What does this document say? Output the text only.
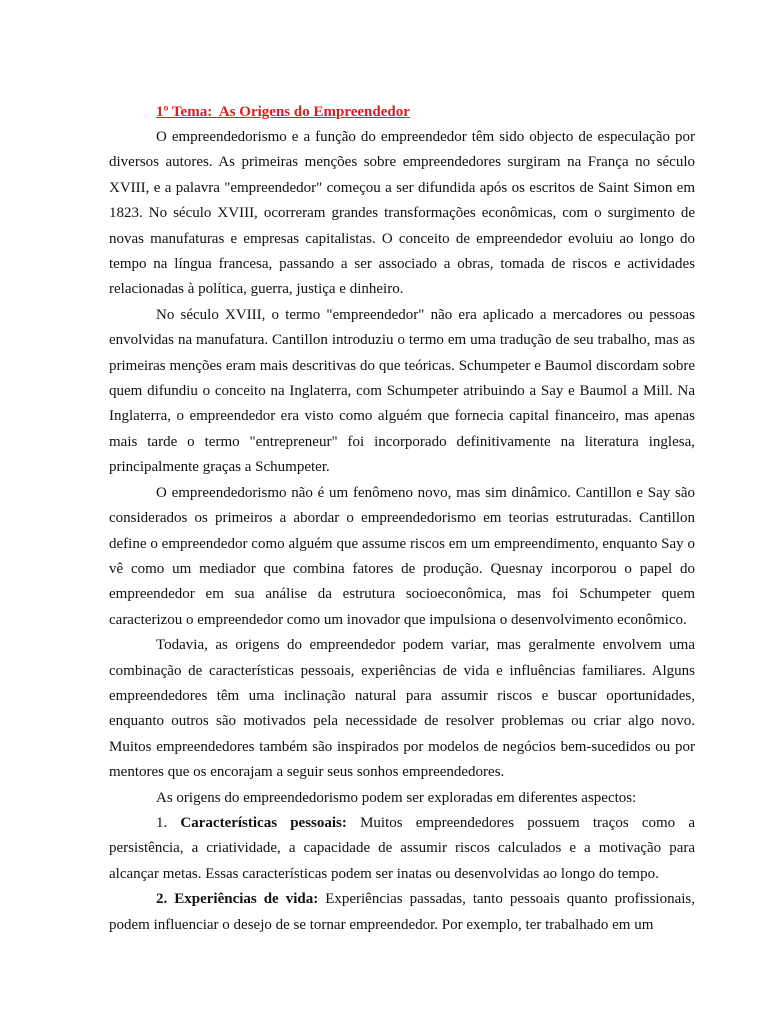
1º Tema:  As Origens do Empreendedor

O empreendedorismo e a função do empreendedor têm sido objecto de especulação por diversos autores. As primeiras menções sobre empreendedores surgiram na França no século XVIII, e a palavra "empreendedor" começou a ser difundida após os escritos de Saint Simon em 1823. No século XVIII, ocorreram grandes transformações econômicas, com o surgimento de novas manufaturas e empresas capitalistas. O conceito de empreendedor evoluiu ao longo do tempo na língua francesa, passando a ser associado a obras, tomada de riscos e actividades relacionadas à política, guerra, justiça e dinheiro.

No século XVIII, o termo "empreendedor" não era aplicado a mercadores ou pessoas envolvidas na manufatura. Cantillon introduziu o termo em uma tradução de seu trabalho, mas as primeiras menções eram mais descritivas do que teóricas. Schumpeter e Baumol discordam sobre quem difundiu o conceito na Inglaterra, com Schumpeter atribuindo a Say e Baumol a Mill. Na Inglaterra, o empreendedor era visto como alguém que fornecia capital financeiro, mas apenas mais tarde o termo "entrepreneur" foi incorporado definitivamente na literatura inglesa, principalmente graças a Schumpeter.

O empreendedorismo não é um fenômeno novo, mas sim dinâmico. Cantillon e Say são considerados os primeiros a abordar o empreendedorismo em teorias estruturadas. Cantillon define o empreendedor como alguém que assume riscos em um empreendimento, enquanto Say o vê como um mediador que combina fatores de produção. Quesnay incorporou o papel do empreendedor em sua análise da estrutura socioeconômica, mas foi Schumpeter quem caracterizou o empreendedor como um inovador que impulsiona o desenvolvimento econômico.

Todavia, as origens do empreendedor podem variar, mas geralmente envolvem uma combinação de características pessoais, experiências de vida e influências familiares. Alguns empreendedores têm uma inclinação natural para assumir riscos e buscar oportunidades, enquanto outros são motivados pela necessidade de resolver problemas ou criar algo novo. Muitos empreendedores também são inspirados por modelos de negócios bem-sucedidos ou por mentores que os encorajam a seguir seus sonhos empreendedores.

As origens do empreendedorismo podem ser exploradas em diferentes aspectos:

1. Características pessoais: Muitos empreendedores possuem traços como a persistência, a criatividade, a capacidade de assumir riscos calculados e a motivação para alcançar metas. Essas características podem ser inatas ou desenvolvidas ao longo do tempo.

2. Experiências de vida: Experiências passadas, tanto pessoais quanto profissionais, podem influenciar o desejo de se tornar empreendedor. Por exemplo, ter trabalhado em um
